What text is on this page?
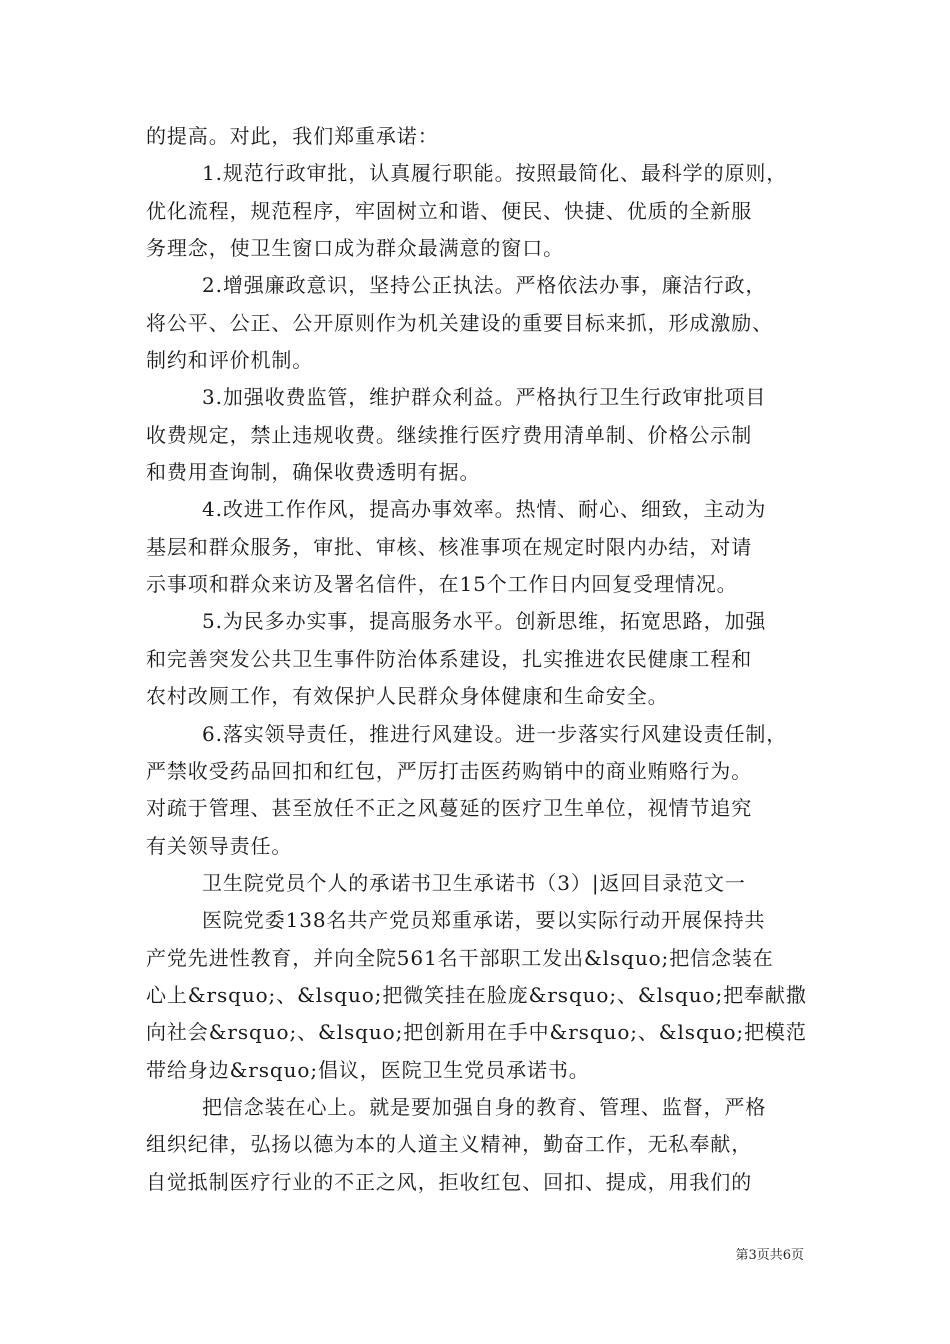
的提高。对此，我们郑重承诺：
1.规范行政审批，认真履行职能。按照最简化、最科学的原则，
优化流程，规范程序，牢固树立和谐、便民、快捷、优质的全新服
务理念，使卫生窗口成为群众最满意的窗口。
2.增强廉政意识，坚持公正执法。严格依法办事，廉洁行政，
将公平、公正、公开原则作为机关建设的重要目标来抓，形成激励、
制约和评价机制。
3.加强收费监管，维护群众利益。严格执行卫生行政审批项目
收费规定，禁止违规收费。继续推行医疗费用清单制、价格公示制
和费用查询制，确保收费透明有据。
4.改进工作作风，提高办事效率。热情、耐心、细致，主动为
基层和群众服务，审批、审核、核准事项在规定时限内办结，对请
示事项和群众来访及署名信件，在15个工作日内回复受理情况。
5.为民多办实事，提高服务水平。创新思维，拓宽思路，加强
和完善突发公共卫生事件防治体系建设，扎实推进农民健康工程和
农村改厕工作，有效保护人民群众身体健康和生命安全。
6.落实领导责任，推进行风建设。进一步落实行风建设责任制，
严禁收受药品回扣和红包，严厉打击医药购销中的商业贿赂行为。
对疏于管理、甚至放任不正之风蔓延的医疗卫生单位，视情节追究
有关领导责任。
卫生院党员个人的承诺书卫生承诺书（3）|返回目录范文一
医院党委138名共产党员郑重承诺，要以实际行动开展保持共
产党先进性教育，并向全院561名干部职工发出&lsquo;把信念装在
心上&rsquo;、&lsquo;把微笑挂在脸庞&rsquo;、&lsquo;把奉献撒
向社会&rsquo;、&lsquo;把创新用在手中&rsquo;、&lsquo;把模范
带给身边&rsquo;倡议，医院卫生党员承诺书。
把信念装在心上。就是要加强自身的教育、管理、监督，严格
组织纪律，弘扬以德为本的人道主义精神，勤奋工作，无私奉献，
自觉抵制医疗行业的不正之风，拒收红包、回扣、提成，用我们的
第3页共6页
